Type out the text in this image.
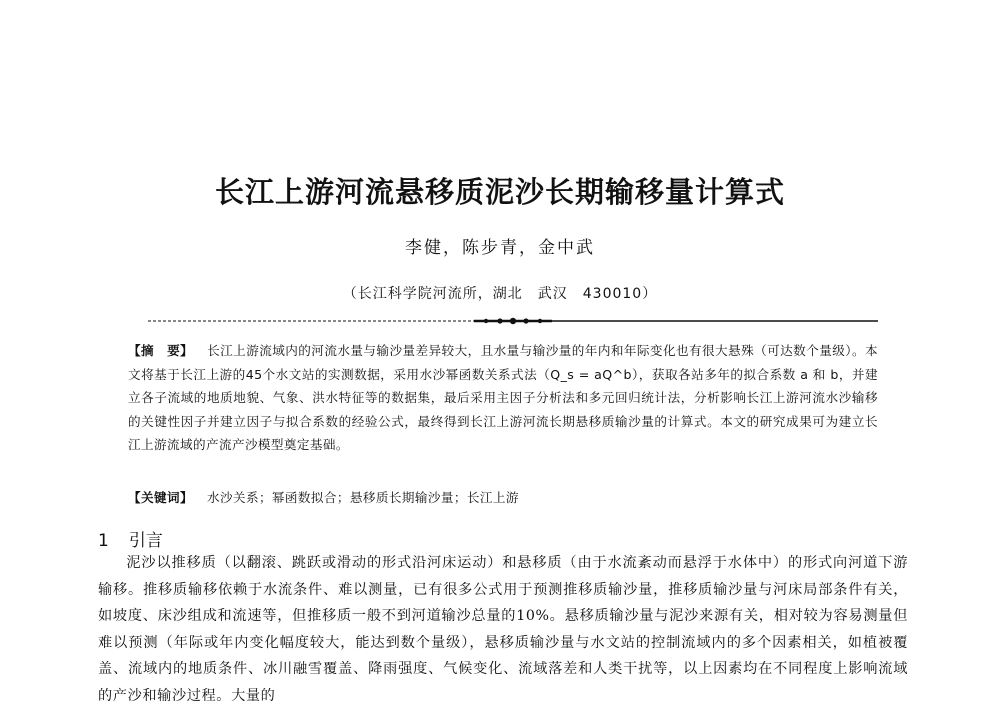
长江上游河流悬移质泥沙长期输移量计算式
李健，陈步青，金中武
（长江科学院河流所，湖北　武汉　430010）
【摘　要】 长江上游流域内的河流水量与输沙量差异较大，且水量与输沙量的年内和年际变化也有很大悬殊（可达数个量级）。本文将基于长江上游的45个水文站的实测数据，采用水沙幂函数关系式法（Q_s = aQ^b），获取各站多年的拟合系数 a 和 b，并建立各子流域的地质地貌、气象、洪水特征等的数据集，最后采用主因子分析法和多元回归统计法，分析影响长江上游河流水沙输移的关键性因子并建立因子与拟合系数的经验公式，最终得到长江上游河流长期悬移质输沙量的计算式。本文的研究成果可为建立长江上游流域的产流产沙模型奠定基础。
【关键词】 水沙关系；幂函数拟合；悬移质长期输沙量；长江上游
1 引言
泥沙以推移质（以翻滚、跳跃或滑动的形式沿河床运动）和悬移质（由于水流紊动而悬浮于水体中）的形式向河道下游输移。推移质输移依赖于水流条件、难以测量，已有很多公式用于预测推移质输沙量，推移质输沙量与河床局部条件有关，如坡度、床沙组成和流速等，但推移质一般不到河道输沙总量的10%。悬移质输沙量与泥沙来源有关，相对较为容易测量但难以预测（年际或年内变化幅度较大，能达到数个量级），悬移质输沙量与水文站的控制流域内的多个因素相关，如植被覆盖、流域内的地质条件、冰川融雪覆盖、降雨强度、气候变化、流域落差和人类干扰等，以上因素均在不同程度上影响流域的产沙和输沙过程。大量的
